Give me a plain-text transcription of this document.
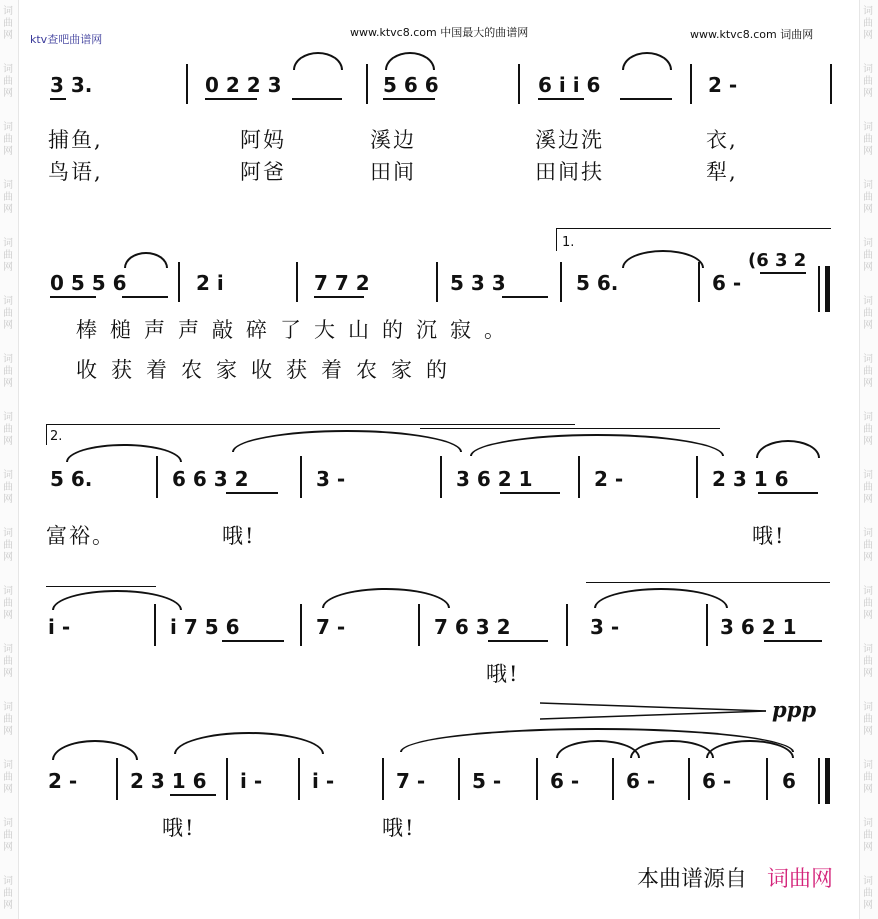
词
曲
网
词
曲
网
词
曲
网
词
曲
网
词
曲
网
词
曲
网
词
曲
网
词
曲
网
词
曲
网
词
曲
网
词
曲
网
词
曲
网
词
曲
网
词
曲
网
词
曲
网
词
曲
网
词
曲
网
词
曲
网
词
曲
网
词
曲
网
词
曲
网
词
曲
网
词
曲
网
词
曲
网
词
曲
网
词
曲
网
词
曲
网
词
曲
网
词
曲
网
词
曲
网
词
曲
网
词
曲
网
ktv查吧曲谱网
www.ktvc8.com 中国最大的曲谱网	www.ktvc8.com 词曲网
3 3.	0 2 2 3	5 6 6	6 i i 6	2 -
捕鱼,	阿妈	溪边	溪边洗	衣,
鸟语,	阿爸	田间	田间扶	犁,
1.
0 5 5 6	2 i	7 7 2	5 3 3	5 6.	6 -
(6 3 2
棒槌声声敲碎了大山的沉寂。
收获着农家收获着农家的
2.
5 6.	6 6 3 2	3 -	3 6 2 1	2 -	2 3 1 6
富裕。	哦!	哦!
i -	i 7 5 6	7 -	7 6 3 2	3 -	3 6 2 1
哦!
ppp
2 -	2 3 1 6 i - i -	7 - 5 - 6 - 6 - 6 -	6
哦!	哦!
本曲谱源自 词曲网
